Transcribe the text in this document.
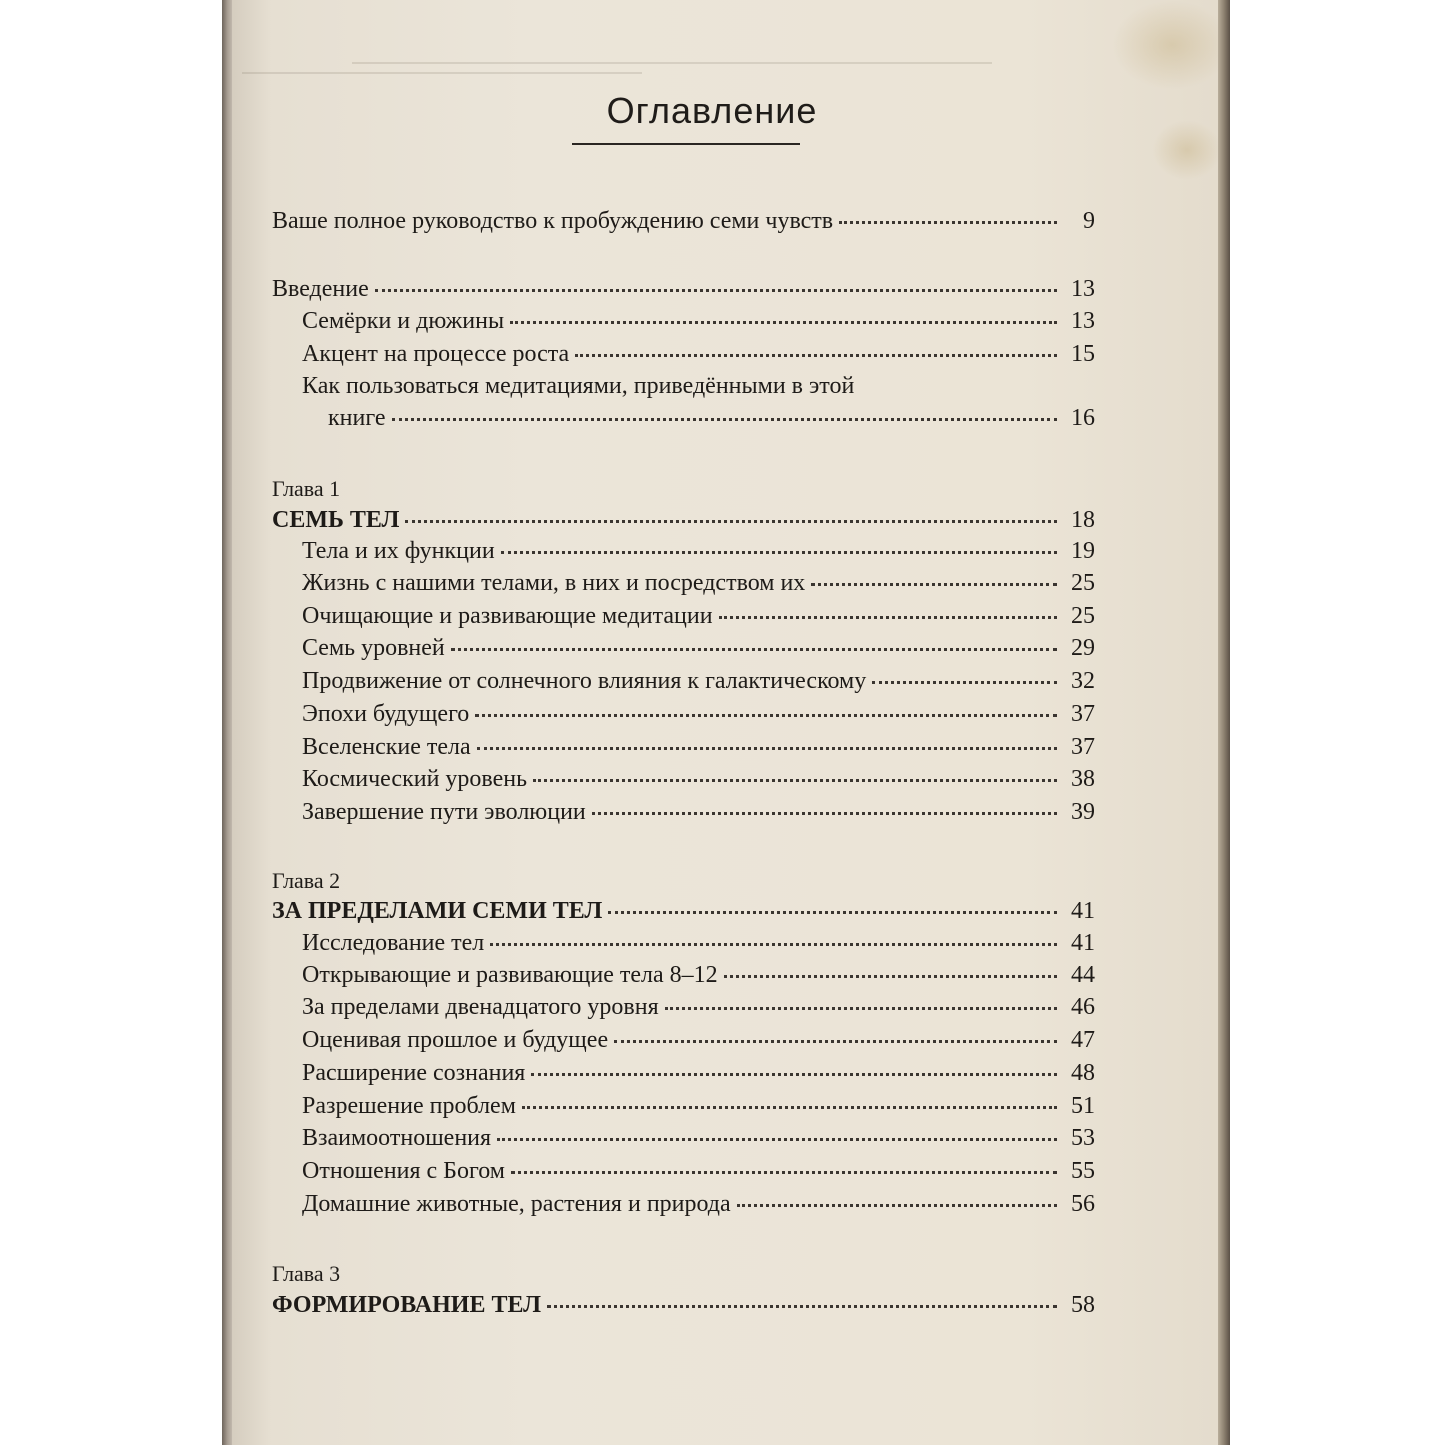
Оглавление
Ваше полное руководство к пробуждению семи чувств	9
Введение	13
Семёрки и дюжины	13
Акцент на процессе роста	15
Как пользоваться медитациями, приведёнными в этой
книге	16
Глава 1
СЕМЬ ТЕЛ	18
Тела и их функции	19
Жизнь с нашими телами, в них и посредством их	25
Очищающие и развивающие медитации	25
Семь уровней	29
Продвижение от солнечного влияния к галактическому	32
Эпохи будущего	37
Вселенские тела	37
Космический уровень	38
Завершение пути эволюции	39
Глава 2
ЗА ПРЕДЕЛАМИ СЕМИ ТЕЛ	41
Исследование тел	41
Открывающие и развивающие тела 8–12	44
За пределами двенадцатого уровня	46
Оценивая прошлое и будущее	47
Расширение сознания	48
Разрешение проблем	51
Взаимоотношения	53
Отношения с Богом	55
Домашние животные, растения и природа	56
Глава 3
ФОРМИРОВАНИЕ ТЕЛ	58
